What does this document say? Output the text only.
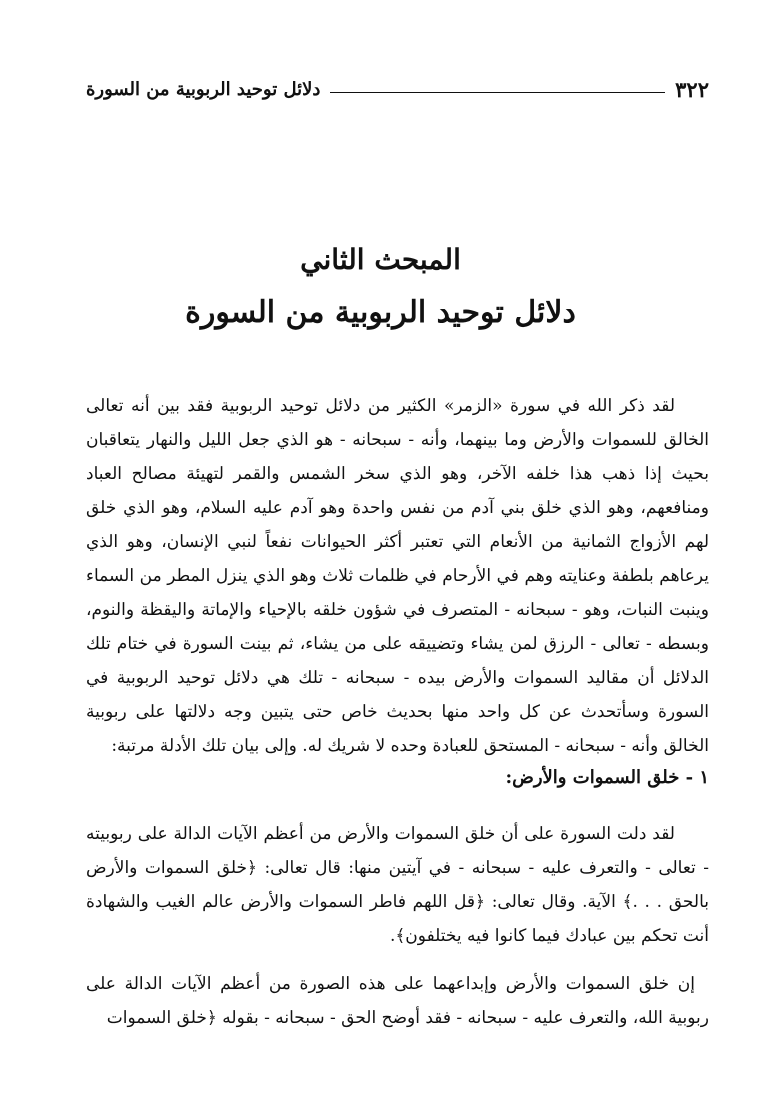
٣٢٢
دلائل توحيد الربوبية من السورة
المبحث الثاني
دلائل توحيد الربوبية من السورة

لقد ذكر الله في سورة «الزمر» الكثير من دلائل توحيد الربوبية فقد بين أنه تعالى الخالق للسموات والأرض وما بينهما، وأنه - سبحانه - هو الذي جعل الليل والنهار يتعاقبان بحيث إذا ذهب هذا خلفه الآخر، وهو الذي سخر الشمس والقمر لتهيئة مصالح العباد ومنافعهم، وهو الذي خلق بني آدم من نفس واحدة وهو آدم عليه السلام، وهو الذي خلق لهم الأزواج الثمانية من الأنعام التي تعتبر أكثر الحيوانات نفعاً لنبي الإنسان، وهو الذي يرعاهم بلطفة وعنايته وهم في الأرحام في ظلمات ثلاث وهو الذي ينزل المطر من السماء وينبت النبات، وهو - سبحانه - المتصرف في شؤون خلقه بالإحياء والإماتة واليقظة والنوم، وبسطه - تعالى - الرزق لمن يشاء وتضييقه على من يشاء، ثم بينت السورة في ختام تلك الدلائل أن مقاليد السموات والأرض بيده - سبحانه - تلك هي دلائل توحيد الربوبية في السورة وسأتحدث عن كل واحد منها بحديث خاص حتى يتبين وجه دلالتها على ربوبية الخالق وأنه - سبحانه - المستحق للعبادة وحده لا شريك له. وإلى بيان تلك الأدلة مرتبة:

١ - خلق السموات والأرض:

لقد دلت السورة على أن خلق السموات والأرض من أعظم الآيات الدالة على ربوبيته - تعالى - والتعرف عليه - سبحانه - في آيتين منها: قال تعالى: ﴿خلق السموات والأرض بالحق . . .﴾ الآية. وقال تعالى: ﴿قل اللهم فاطر السموات والأرض عالم الغيب والشهادة أنت تحكم بين عبادك فيما كانوا فيه يختلفون﴾.

إن خلق السموات والأرض وإبداعهما على هذه الصورة من أعظم الآيات الدالة على ربوبية الله، والتعرف عليه - سبحانه - فقد أوضح الحق - سبحانه - بقوله ﴿خلق السموات
